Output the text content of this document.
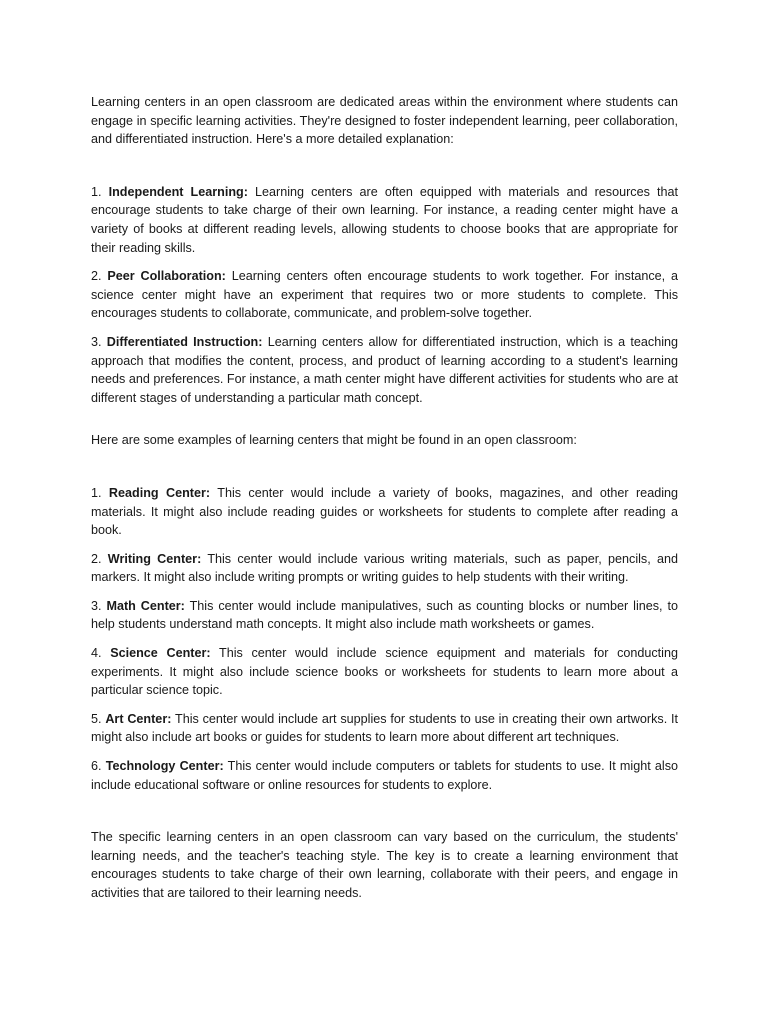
Learning centers in an open classroom are dedicated areas within the environment where students can engage in specific learning activities. They're designed to foster independent learning, peer collaboration, and differentiated instruction. Here's a more detailed explanation:

1. Independent Learning: Learning centers are often equipped with materials and resources that encourage students to take charge of their own learning. For instance, a reading center might have a variety of books at different reading levels, allowing students to choose books that are appropriate for their reading skills.

2. Peer Collaboration: Learning centers often encourage students to work together. For instance, a science center might have an experiment that requires two or more students to complete. This encourages students to collaborate, communicate, and problem-solve together.

3. Differentiated Instruction: Learning centers allow for differentiated instruction, which is a teaching approach that modifies the content, process, and product of learning according to a student's learning needs and preferences. For instance, a math center might have different activities for students who are at different stages of understanding a particular math concept.

Here are some examples of learning centers that might be found in an open classroom:

1. Reading Center: This center would include a variety of books, magazines, and other reading materials. It might also include reading guides or worksheets for students to complete after reading a book.

2. Writing Center: This center would include various writing materials, such as paper, pencils, and markers. It might also include writing prompts or writing guides to help students with their writing.

3. Math Center: This center would include manipulatives, such as counting blocks or number lines, to help students understand math concepts. It might also include math worksheets or games.

4. Science Center: This center would include science equipment and materials for conducting experiments. It might also include science books or worksheets for students to learn more about a particular science topic.

5. Art Center: This center would include art supplies for students to use in creating their own artworks. It might also include art books or guides for students to learn more about different art techniques.

6. Technology Center: This center would include computers or tablets for students to use. It might also include educational software or online resources for students to explore.

The specific learning centers in an open classroom can vary based on the curriculum, the students' learning needs, and the teacher's teaching style. The key is to create a learning environment that encourages students to take charge of their own learning, collaborate with their peers, and engage in activities that are tailored to their learning needs.
